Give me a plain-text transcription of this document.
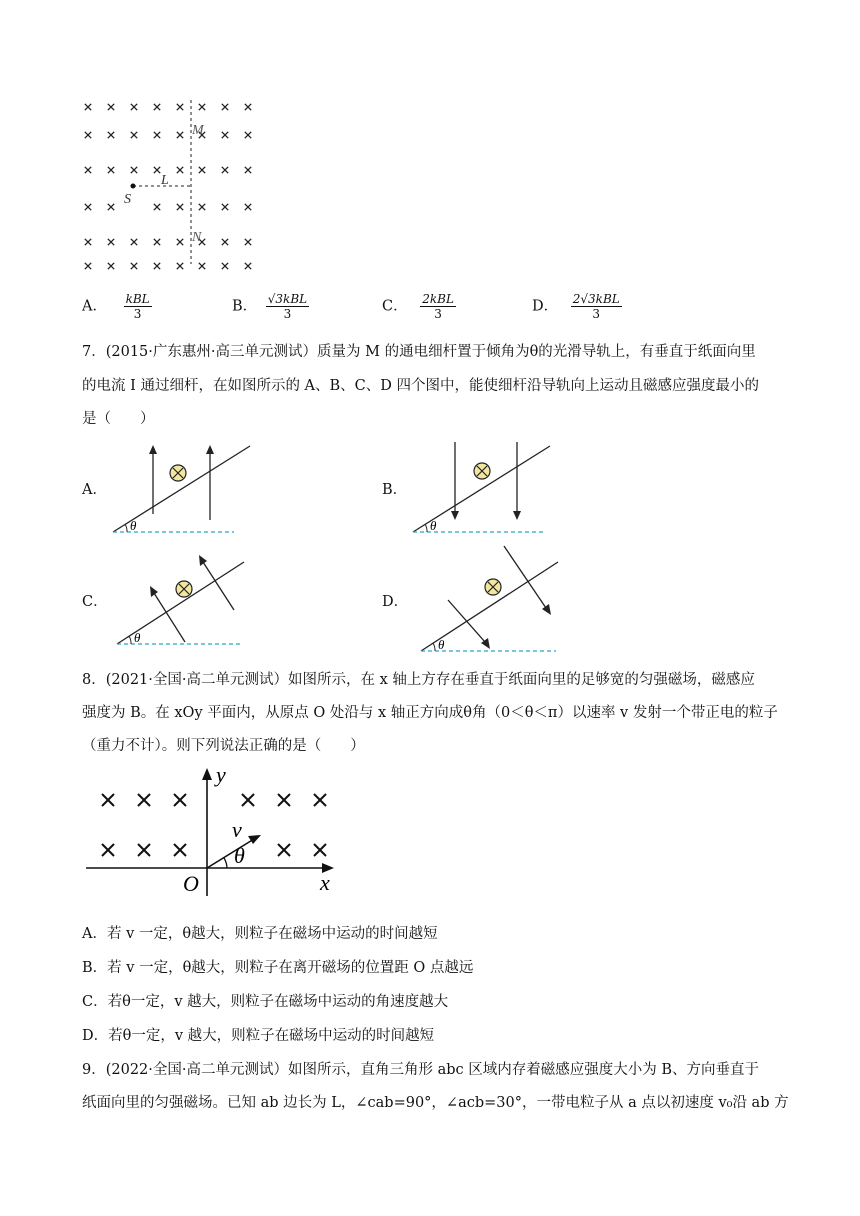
M
L
S
N
A． $\frac{\text{kBL}}{3}$	B． $\frac{\text{√3kBL}}{3}$	C． $\frac{\text{2kBL}}{3}$	D． $\frac{\text{2√3kBL}}{3}$
7．(2015·广东惠州·高三单元测试）质量为 M 的通电细杆置于倾角为θ的光滑导轨上，有垂直于纸面向里
的电流 I 通过细杆，在如图所示的 A、B、C、D 四个图中，能使细杆沿导轨向上运动且磁感应强度最小的
是（　　）
A．
θ
B．
θ
C．
θ
D．
θ
8．(2021·全国·高二单元测试）如图所示，在 x 轴上方存在垂直于纸面向里的足够宽的匀强磁场，磁感应
强度为 B。在 xOy 平面内，从原点 O 处沿与 x 轴正方向成θ角（0＜θ＜π）以速率 v 发射一个带正电的粒子
（重力不计）。则下列说法正确的是（　　）
y
x
O
v
θ
A．若 v 一定，θ越大，则粒子在磁场中运动的时间越短
B．若 v 一定，θ越大，则粒子在离开磁场的位置距 O 点越远
C．若θ一定，v 越大，则粒子在磁场中运动的角速度越大
D．若θ一定，v 越大，则粒子在磁场中运动的时间越短
9．(2022·全国·高二单元测试）如图所示，直角三角形 abc 区域内存着磁感应强度大小为 B、方向垂直于
纸面向里的匀强磁场。已知 ab 边长为 L，∠cab=90°，∠acb=30°，一带电粒子从 a 点以初速度 v₀沿 ab 方
